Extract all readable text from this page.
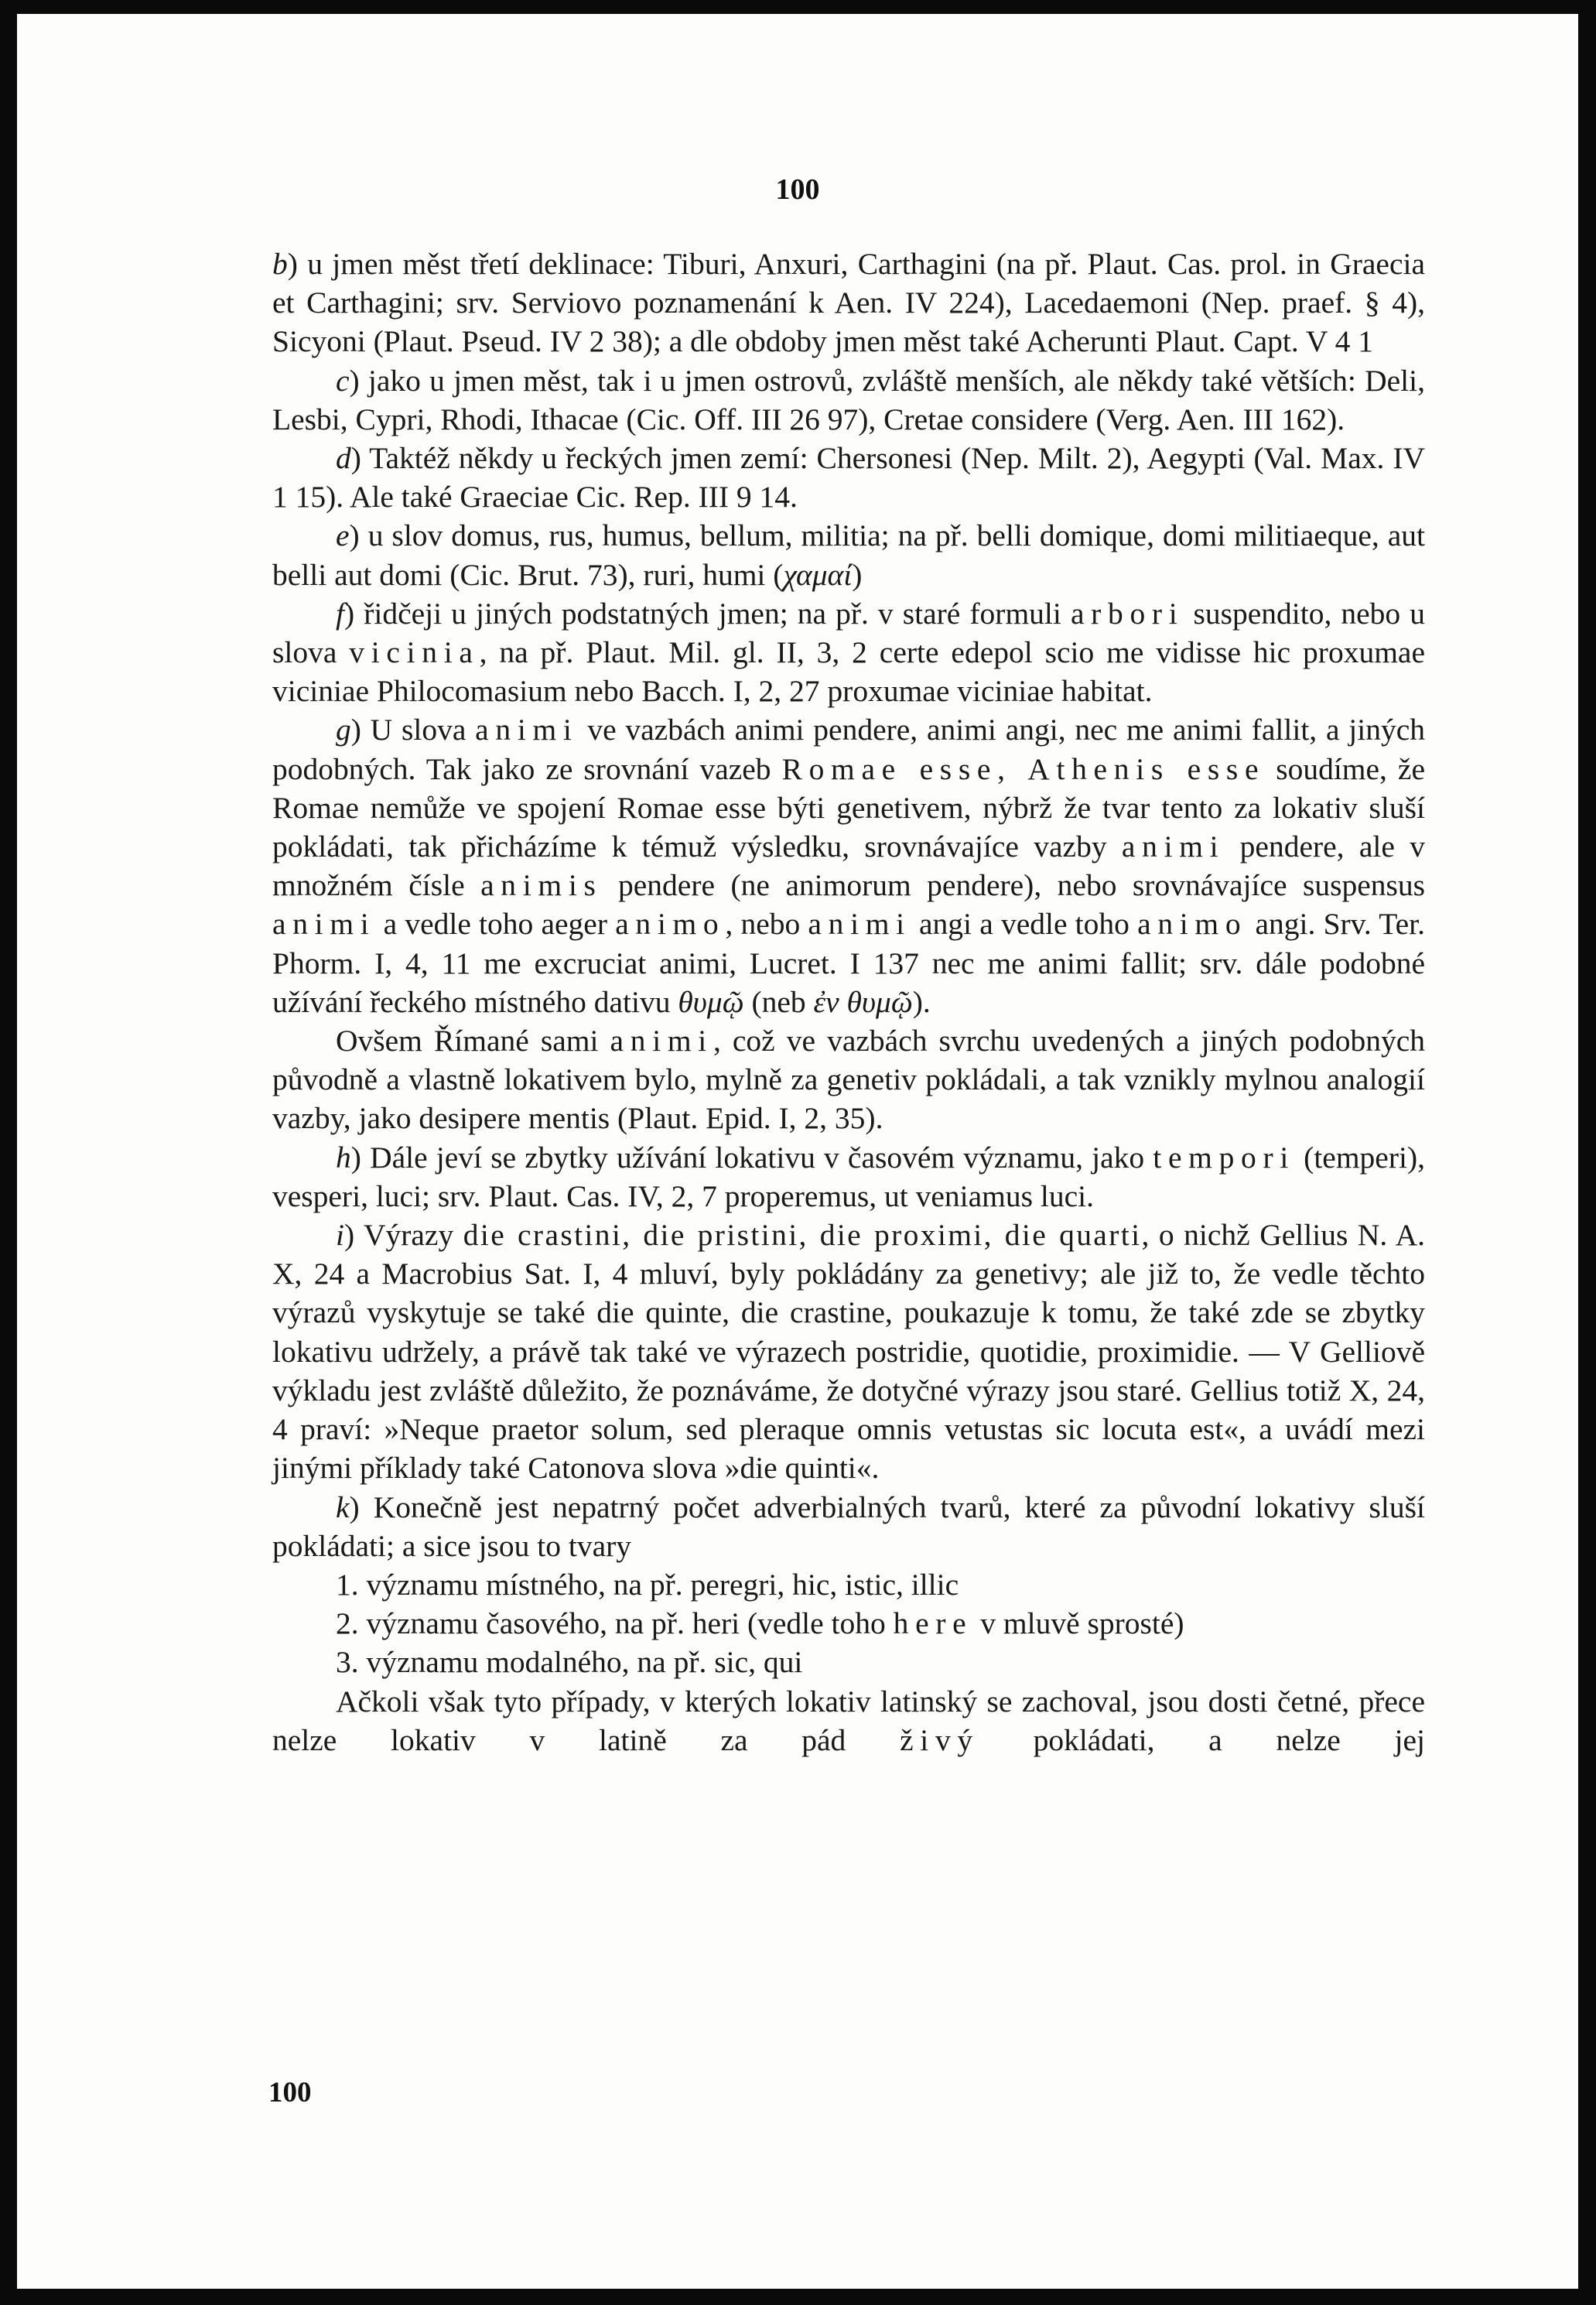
100

b) u jmen měst třetí deklinace: Tiburi, Anxuri, Carthagini (na př. Plaut. Cas. prol. in Graecia et Carthagini; srv. Serviovo poznamenání k Aen. IV 224), Lacedaemoni (Nep. praef. § 4), Sicyoni (Plaut. Pseud. IV 2 38); a dle obdoby jmen měst také Acherunti Plaut. Capt. V 4 1

c) jako u jmen měst, tak i u jmen ostrovů, zvláště menších, ale někdy také větších: Deli, Lesbi, Cypri, Rhodi, Ithacae (Cic. Off. III 26 97), Cretae considere (Verg. Aen. III 162).

d) Taktéž někdy u řeckých jmen zemí: Chersonesi (Nep. Milt. 2), Aegypti (Val. Max. IV 1 15). Ale také Graeciae Cic. Rep. III 9 14.

e) u slov domus, rus, humus, bellum, militia; na př. belli domique, domi militiaeque, aut belli aut domi (Cic. Brut. 73), ruri, humi (χαμαί)

f) řidčeji u jiných podstatných jmen; na př. v staré formuli arbori suspendito, nebo u slova vicinia, na př. Plaut. Mil. gl. II, 3, 2 certe edepol scio me vidisse hic proxumae viciniae Philocomasium nebo Bacch. I, 2, 27 proxumae viciniae habitat.

g) U slova animi ve vazbách animi pendere, animi angi, nec me animi fallit, a jiných podobných. Tak jako ze srovnání vazeb Romae esse, Athenis esse soudíme, že Romae nemůže ve spojení Romae esse býti genetivem, nýbrž že tvar tento za lokativ sluší pokládati, tak přicházíme k témuž výsledku, srovnávajíce vazby animi pendere, ale v množném čísle animis pendere (ne animorum pendere), nebo srovnávajíce suspensus animi a vedle toho aeger animo, nebo animi angi a vedle toho animo angi. Srv. Ter. Phorm. I, 4, 11 me excruciat animi, Lucret. I 137 nec me animi fallit; srv. dále podobné užívání řeckého místného dativu θυμῷ (neb ἐν θυμῷ).

Ovšem Římané sami animi, což ve vazbách svrchu uvedených a jiných podobných původně a vlastně lokativem bylo, mylně za genetiv pokládali, a tak vznikly mylnou analogií vazby, jako desipere mentis (Plaut. Epid. I, 2, 35).

h) Dále jeví se zbytky užívání lokativu v časovém významu, jako tempori (temperi), vesperi, luci; srv. Plaut. Cas. IV, 2, 7 properemus, ut veniamus luci.

i) Výrazy die crastini, die pristini, die proximi, die quarti, o nichž Gellius N. A. X, 24 a Macrobius Sat. I, 4 mluví, byly pokládány za genetivy; ale již to, že vedle těchto výrazů vyskytuje se také die quinte, die crastine, poukazuje k tomu, že také zde se zbytky lokativu udržely, a právě tak také ve výrazech postridie, quotidie, proximidie. — V Gelliově výkladu jest zvláště důležito, že poznáváme, že dotyčné výrazy jsou staré. Gellius totiž X, 24, 4 praví: »Neque praetor solum, sed pleraque omnis vetustas sic locuta est«, a uvádí mezi jinými příklady také Catonova slova »die quinti«.

k) Konečně jest nepatrný počet adverbialných tvarů, které za původní lokativy sluší pokládati; a sice jsou to tvary

1. významu místného, na př. peregri, hic, istic, illic

2. významu časového, na př. heri (vedle toho here v mluvě sprosté)

3. významu modalného, na př. sic, qui

Ačkoli však tyto případy, v kterých lokativ latinský se zachoval, jsou dosti četné, přece nelze lokativ v latině za pád živý pokládati, a nelze jej

100
